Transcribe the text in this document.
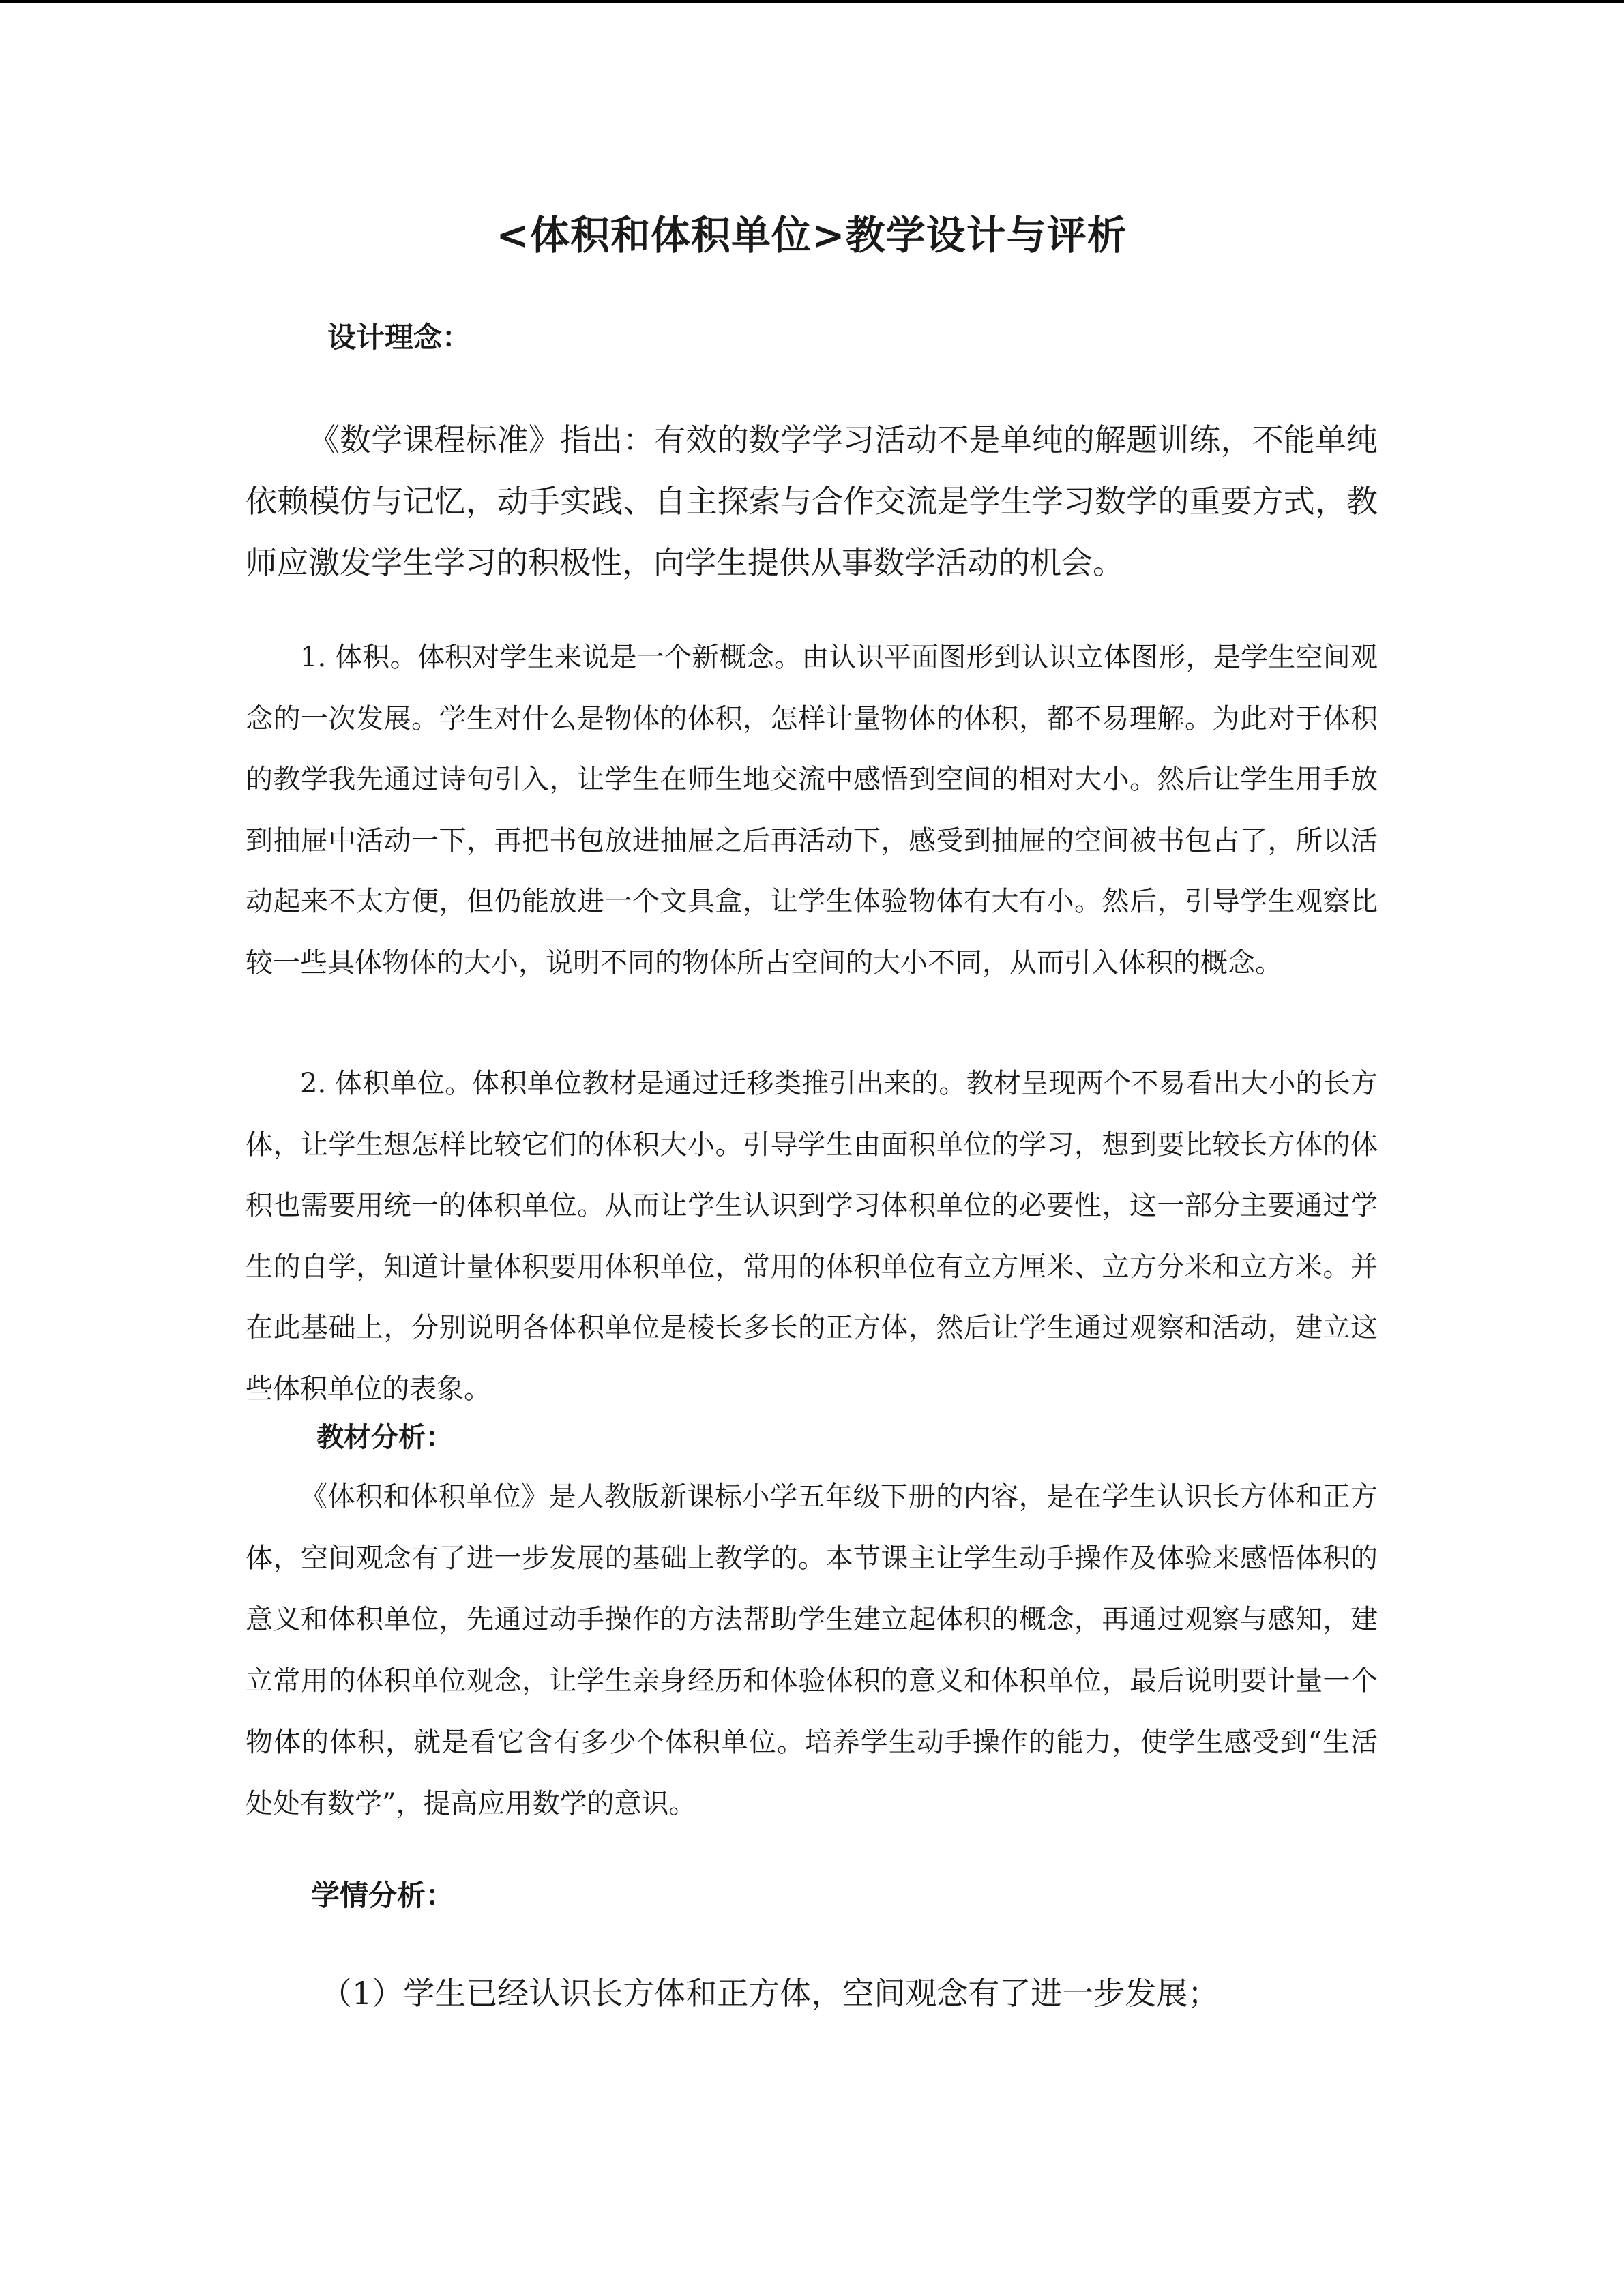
<体积和体积单位>教学设计与评析
设计理念：

《数学课程标准》指出：有效的数学学习活动不是单纯的解题训练，不能单纯依赖模仿与记忆，动手实践、自主探索与合作交流是学生学习数学的重要方式，教师应激发学生学习的积极性，向学生提供从事数学活动的机会。

1. 体积。体积对学生来说是一个新概念。由认识平面图形到认识立体图形，是学生空间观念的一次发展。学生对什么是物体的体积，怎样计量物体的体积，都不易理解。为此对于体积的教学我先通过诗句引入，让学生在师生地交流中感悟到空间的相对大小。然后让学生用手放到抽屉中活动一下，再把书包放进抽屉之后再活动下，感受到抽屉的空间被书包占了，所以活动起来不太方便，但仍能放进一个文具盒，让学生体验物体有大有小。然后，引导学生观察比较一些具体物体的大小，说明不同的物体所占空间的大小不同，从而引入体积的概念。

2. 体积单位。体积单位教材是通过迁移类推引出来的。教材呈现两个不易看出大小的长方体，让学生想怎样比较它们的体积大小。引导学生由面积单位的学习，想到要比较长方体的体积也需要用统一的体积单位。从而让学生认识到学习体积单位的必要性，这一部分主要通过学生的自学，知道计量体积要用体积单位，常用的体积单位有立方厘米、立方分米和立方米。并在此基础上，分别说明各体积单位是棱长多长的正方体，然后让学生通过观察和活动，建立这些体积单位的表象。

教材分析：

《体积和体积单位》是人教版新课标小学五年级下册的内容，是在学生认识长方体和正方体，空间观念有了进一步发展的基础上教学的。本节课主让学生动手操作及体验来感悟体积的意义和体积单位，先通过动手操作的方法帮助学生建立起体积的概念，再通过观察与感知，建立常用的体积单位观念，让学生亲身经历和体验体积的意义和体积单位，最后说明要计量一个物体的体积，就是看它含有多少个体积单位。培养学生动手操作的能力，使学生感受到“生活处处有数学”，提高应用数学的意识。

学情分析：

（1）学生已经认识长方体和正方体，空间观念有了进一步发展；
